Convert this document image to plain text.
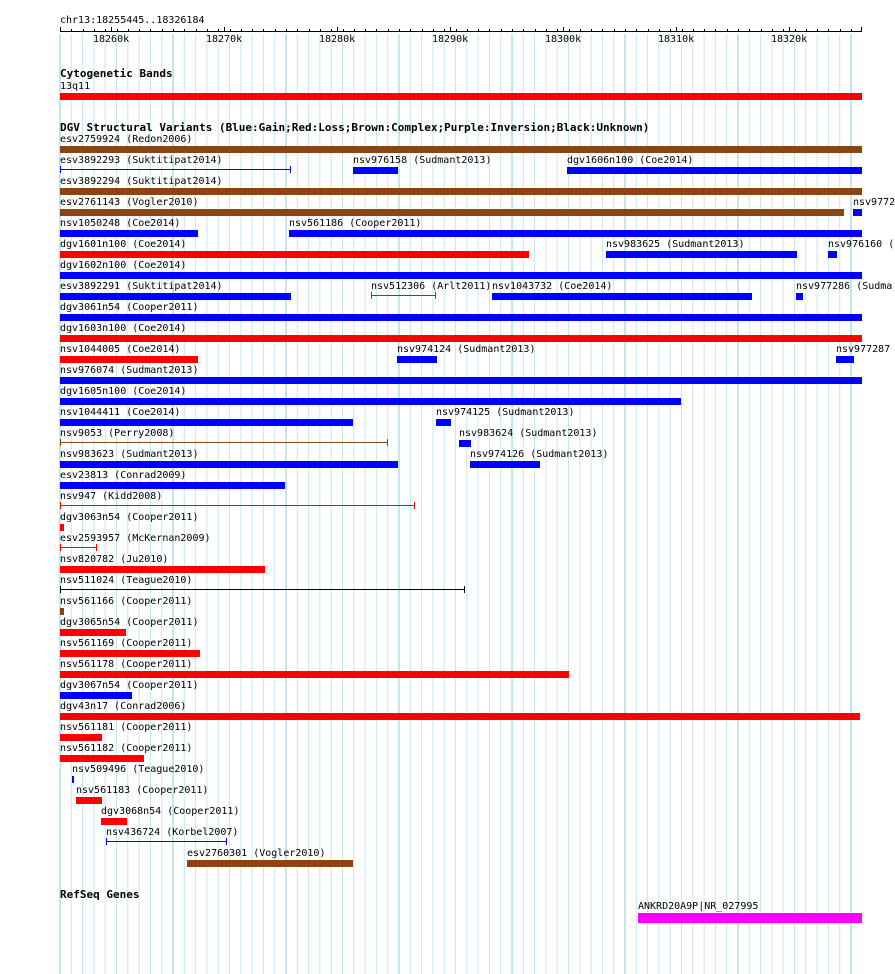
chr13:18255445..18326184
18260k	18270k	18280k	18290k	18300k	18310k	18320k
Cytogenetic Bands
13q11
DGV Structural Variants (Blue:Gain;Red:Loss;Brown:Complex;Purple:Inversion;Black:Unknown)
esv2759924 (Redon2006)
esv3892293 (Suktitipat2014)	nsv976158 (Sudmant2013)	dgv1606n100 (Coe2014)
esv3892294 (Suktitipat2014)
esv2761143 (Vogler2010)	nsv9772
nsv1050248 (Coe2014)	nsv561186 (Cooper2011)
dgv1601n100 (Coe2014)	nsv983625 (Sudmant2013)	nsv976160 (
dgv1602n100 (Coe2014)
esv3892291 (Suktitipat2014)	nsv512306 (Arlt2011) nsv1043732 (Coe2014)	nsv977286 (Sudma
dgv3061n54 (Cooper2011)
dgv1603n100 (Coe2014)
nsv1044005 (Coe2014)	nsv974124 (Sudmant2013)	nsv977287
nsv976074 (Sudmant2013)
dgv1605n100 (Coe2014)
nsv1044411 (Coe2014)	nsv974125 (Sudmant2013)
nsv9053 (Perry2008)	nsv983624 (Sudmant2013)
nsv983623 (Sudmant2013)	nsv974126 (Sudmant2013)
esv23813 (Conrad2009)
nsv947 (Kidd2008)
dgv3063n54 (Cooper2011)
esv2593957 (McKernan2009)
nsv820782 (Ju2010)
nsv511024 (Teague2010)
nsv561166 (Cooper2011)
dgv3065n54 (Cooper2011)
nsv561169 (Cooper2011)
nsv561178 (Cooper2011)
dgv3067n54 (Cooper2011)
dgv43n17 (Conrad2006)
nsv561181 (Cooper2011)
nsv561182 (Cooper2011)
nsv509496 (Teague2010)
nsv561183 (Cooper2011)
dgv3068n54 (Cooper2011)
nsv436724 (Korbel2007)
esv2760301 (Vogler2010)
RefSeq Genes
ANKRD20A9P|NR_027995
